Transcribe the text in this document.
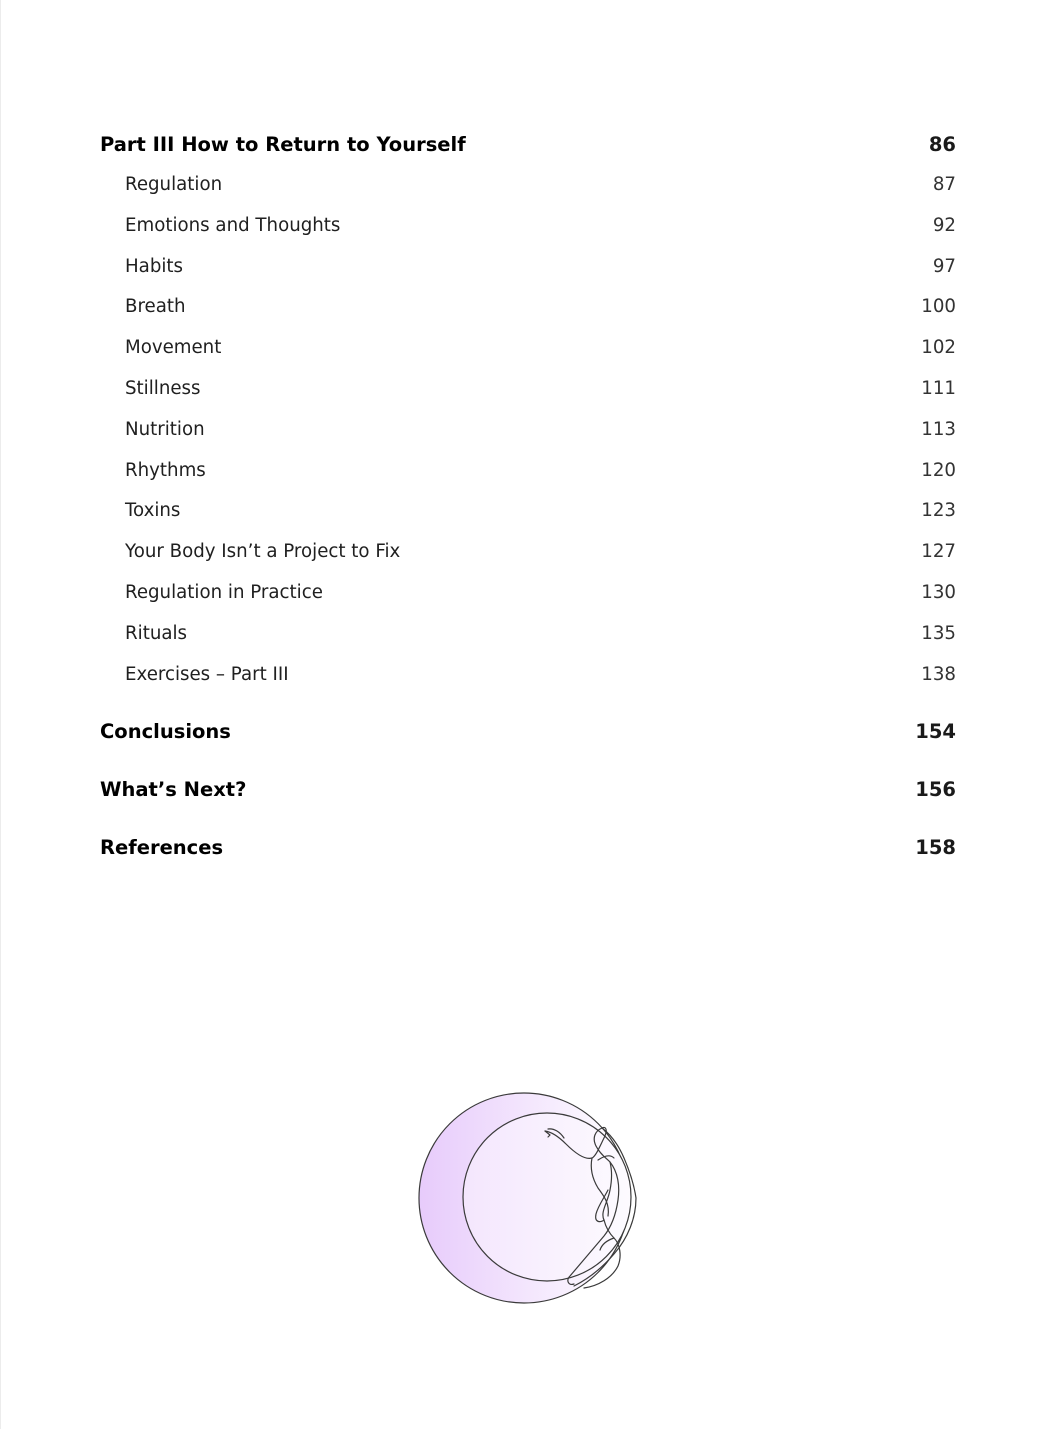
Part III How to Return to Yourself	86
Regulation	87
Emotions and Thoughts	92
Habits	97
Breath	100
Movement	102
Stillness	111
Nutrition	113
Rhythms	120
Toxins	123
Your Body Isn’t a Project to Fix	127
Regulation in Practice	130
Rituals	135
Exercises – Part III	138
Conclusions	154
What’s Next?	156
References	158
